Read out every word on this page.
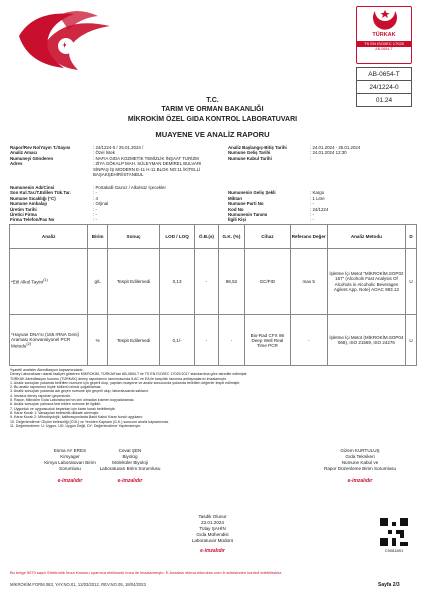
TÜRKAK
TS EN ISO/IEC 17025
AB-0654-T
AB-0654-T
24/1224-0
01.24
T.C.
TARIM VE ORMAN BAKANLIĞI
MİKROKİM ÖZEL GIDA KONTROL LABORATUVARI
MUAYENE VE ANALİZ RAPORU
Rapor/Rev No/Yayın T./Sayısı	: 24/1224-0 / 25.01.2024 /	Analiz Başlangıç-Bitiş Tarihi	: 24.01.2024 - 25.01.2024
Analiz Amacı	: Özel İstek	Numune Geliş Tarihi	: 24.01.2024 12:30
Numuneyi Gönderen	: NAFIA GIDA KOZMETİK TEMİZLİK İNŞAAT TURİZM	Numune Kabul Tarihi	:
Adres	: ZİYA GÖKALP MAH. SÜLEYMAN DEMİREL BULVARI
SİNPAŞ İŞ MODERN E-11 H-11 BLOK NO:11 İKİTELLİ
BAŞAKŞEHİR/İSTANBUL
Numunenin Adı/Cinsi	: Portakalli Gazoz / Alkolsüz İçecekler
Son Kul.Tar./T.Edilen Tük.Tar.	: -	Numunenin Geliş Şekli	: Kargo
Numune Sıcaklığı (°C)	: 4	Miktarı	: 1 Litre
Numune Ambalajı	: Orjinal	Numune Parti No	: -
Üretim Tarihi	: -	Kod No	: 24/1224
Üretici Firma	: -	Numunenin Tanımı	: -
Firma Telefon/Fax No	: -	İlgili Kişi	: -
Analiz	Birim	Sonuç	LOD / LOQ	Ö.B.(±)	G.K. (%)	Cihaz	Referans Değer	Analiz Metodu	D
*Etil Alkol Tayini$^{(1)}$	g/L	Tespit Edilemedi	0,13	-	98,52	GC/FID	max 5	İşletme İçi Metot "MİKROKİM.SOP02 167" (Alcohols Fast Analysis Of Alcohols in Alcoholic Beverages Agilent App. Note) AOAC 983.13	U
*Hayvan DNA'sı (165 rRNA Geni) Araması Konvansiyonel PCR Metodu$^{(2)}$	%	Tespit Edilemedi	0,1/-	-	-	Bio-Rad CFX 96 Deep Well Real Time PCR	-	İşletme İçi Metot (MİKROKİM.SOP04 068), ISO 21569, ISO 24276	U
*İşaretli analizler Akreditasyon kapsamındadır.
Deney Laboratuvarı olarak faaliyet gösteren MİKROKİM, TÜRKAK'tan AB-0654-T ile TS EN ISO/IEC 17025:2017 standardına göre akredite edilmiştir.
TÜRKAK Akreditasyon kurumu (TÜRKAK) deney raporlarının tanınmasında ILAC ve EA ile karşılıklı tanınma antlaşmalarını imzalamıştır.
1. Analiz sonuçları yukarıda belirtilen numune için geçerli olup, yapılan muayene ve analiz sonucunda yukarıda belirtilen değerler tespit edilmiştir.
2. Bu analiz raporunun hiçbir bölümü izinsiz çoğaltılamaz.
3. Analiz sonuçları yukarıda adı geçen numune için geçerli olup, laboratuvarda saklanır.
4. İmzasız deney raporları geçersizdir.
5. Rapor, Mikrokim Gıda Laboratuvarı'nın izni olmadan kısmen kopyalanamaz.
6. Analiz sonuçları yalnızca test edilen numune ile ilgilidir.
7. Uygunluk ve uygunsuzluk beyanları için karar kuralı belirtilmiştir.
8. Karar Kuralı 1: Varsayılan belirsizlik dikkate alınmıştır.
9. Karar Kuralı 2: Mikrobiyolojik, kalibrasyonlarda Basit Kabul Karar kuralı uygulanır.
10. Değerlendirme: Ölçüm belirsizliği (Ö.B.) ve Yeniden Kapsam (G.K.) sonucun analiz kapsamında.
11. Değerlendirme: U: Uygun, UD: Uygun Değil, DY: Değerlendirme Yapılmamıştır.
Esma AY ERES
Kimyager
Kimya Laboratuvarı Birim
Sorumlusu
e-imzalıdır
Cevat ŞEN
Biyolog
Moleküler Biyoloji
Laboratuvarı Birim Sorumlusu
e-imzalıdır
Gizem KURTULUŞ
Gıda Teknikeri
Numune Kabul ve
Rapor Düzenleme Birim Sorumlusu
e-imzalıdır
Tasdik Olunur
23.01.2024
Tülay ŞAHİN
Gıda Mühendisi
Laboratuvar Müdürü
e-imzalıdır	C9081891
Bu belge 5070 sayılı Elektronik İmza Kanunu uyarınca elektronik imza ile imzalanmıştır. E-İmzaları ekima.mikrokim.com.tr adresinden kontrol edebilirsiniz.
MİKROKİM.FORM.083, YAY.NO.01, 12/03/2012, REV.NO.05, 18/04/2023	Sayfa 2/3
